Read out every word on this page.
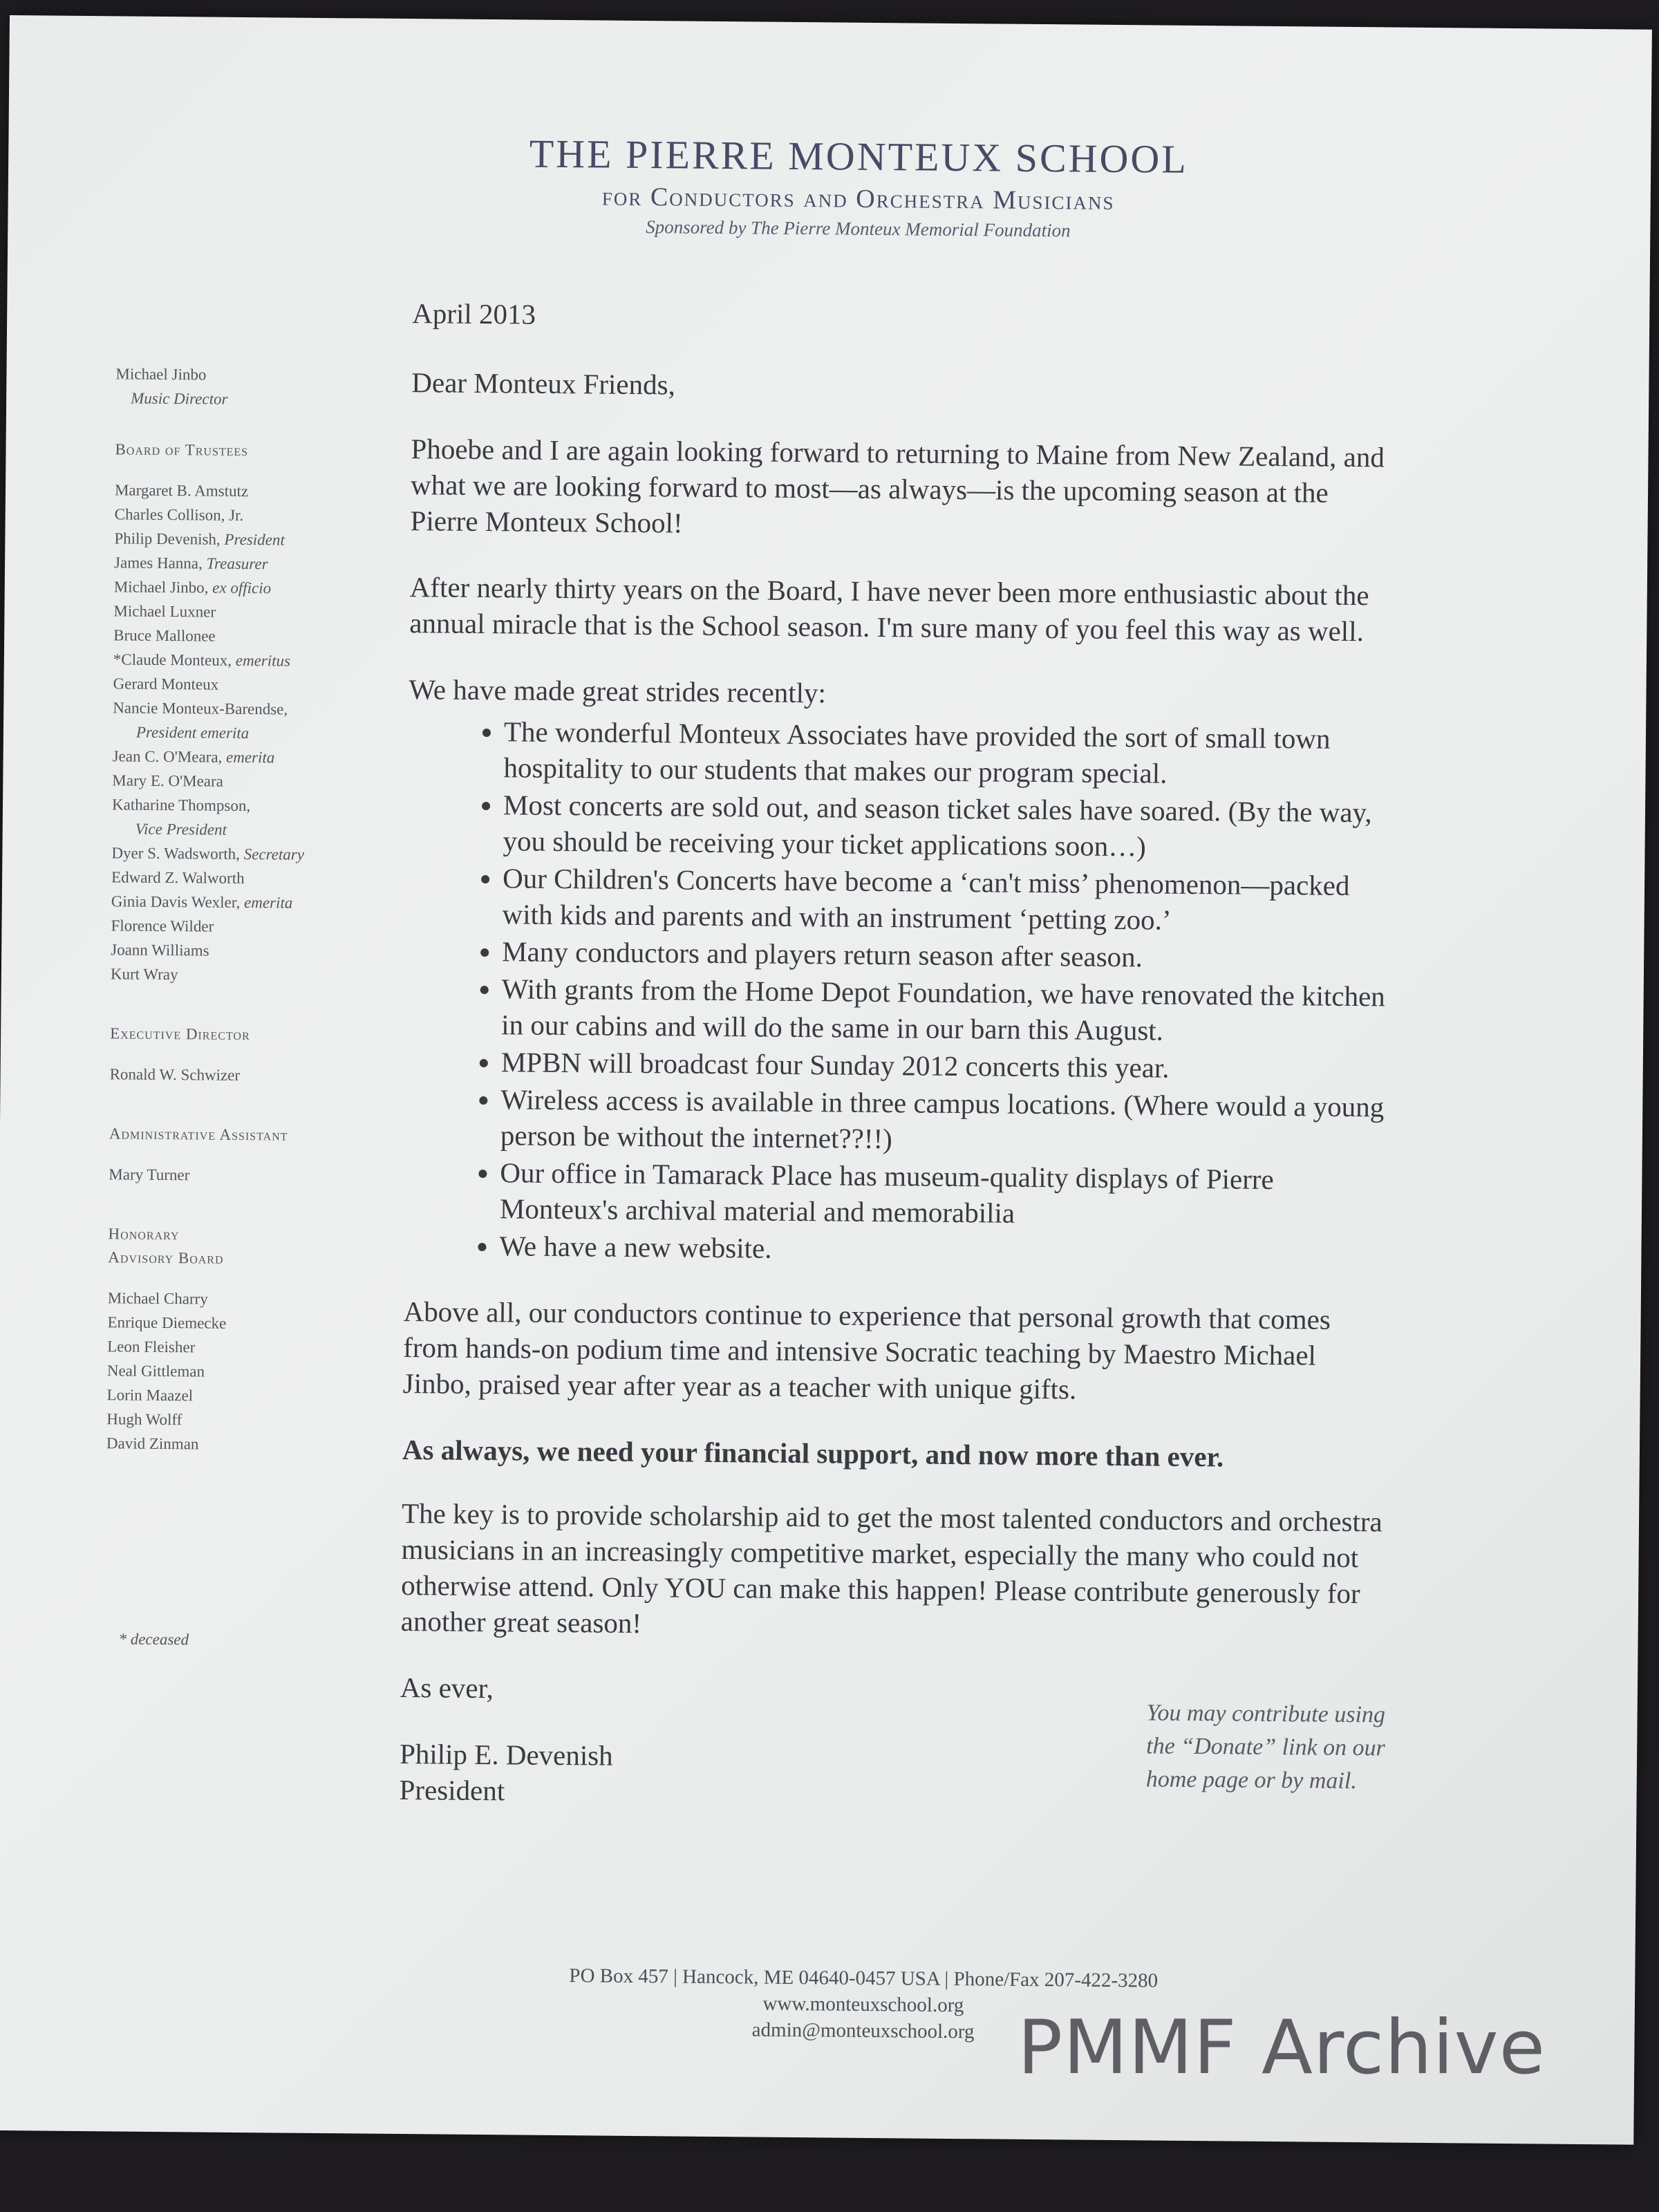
THE PIERRE MONTEUX SCHOOL
for Conductors and Orchestra Musicians
Sponsored by The Pierre Monteux Memorial Foundation
Michael Jinbo
Music Director
Board of Trustees
Margaret B. Amstutz
Charles Collison, Jr.
Philip Devenish, President
James Hanna, Treasurer
Michael Jinbo, ex officio
Michael Luxner
Bruce Mallonee
*Claude Monteux, emeritus
Gerard Monteux
Nancie Monteux-Barendse,
President emerita
Jean C. O'Meara, emerita
Mary E. O'Meara
Katharine Thompson,
Vice President
Dyer S. Wadsworth, Secretary
Edward Z. Walworth
Ginia Davis Wexler, emerita
Florence Wilder
Joann Williams
Kurt Wray
Executive Director
Ronald W. Schwizer
Administrative Assistant
Mary Turner
Honorary
Advisory Board
Michael Charry
Enrique Diemecke
Leon Fleisher
Neal Gittleman
Lorin Maazel
Hugh Wolff
David Zinman
* deceased
April 2013
Dear Monteux Friends,
Phoebe and I are again looking forward to returning to Maine from New Zealand, and what we are looking forward to most—as always—is the upcoming season at the Pierre Monteux School!
After nearly thirty years on the Board, I have never been more enthusiastic about the annual miracle that is the School season. I'm sure many of you feel this way as well.
We have made great strides recently:
• The wonderful Monteux Associates have provided the sort of small town hospitality to our students that makes our program special.
• Most concerts are sold out, and season ticket sales have soared. (By the way, you should be receiving your ticket applications soon…)
• Our Children's Concerts have become a ‘can't miss’ phenomenon—packed with kids and parents and with an instrument ‘petting zoo.’
• Many conductors and players return season after season.
• With grants from the Home Depot Foundation, we have renovated the kitchen in our cabins and will do the same in our barn this August.
• MPBN will broadcast four Sunday 2012 concerts this year.
• Wireless access is available in three campus locations. (Where would a young person be without the internet??!!)
• Our office in Tamarack Place has museum-quality displays of Pierre Monteux's archival material and memorabilia
• We have a new website.
Above all, our conductors continue to experience that personal growth that comes from hands-on podium time and intensive Socratic teaching by Maestro Michael Jinbo, praised year after year as a teacher with unique gifts.
As always, we need your financial support, and now more than ever.
The key is to provide scholarship aid to get the most talented conductors and orchestra musicians in an increasingly competitive market, especially the many who could not otherwise attend. Only YOU can make this happen! Please contribute generously for another great season!
As ever,
Philip E. Devenish
President
You may contribute using the “Donate” link on our home page or by mail.
PO Box 457 | Hancock, ME 04640-0457 USA | Phone/Fax 207-422-3280
www.monteuxschool.org
admin@monteuxschool.org PMMF Archive
